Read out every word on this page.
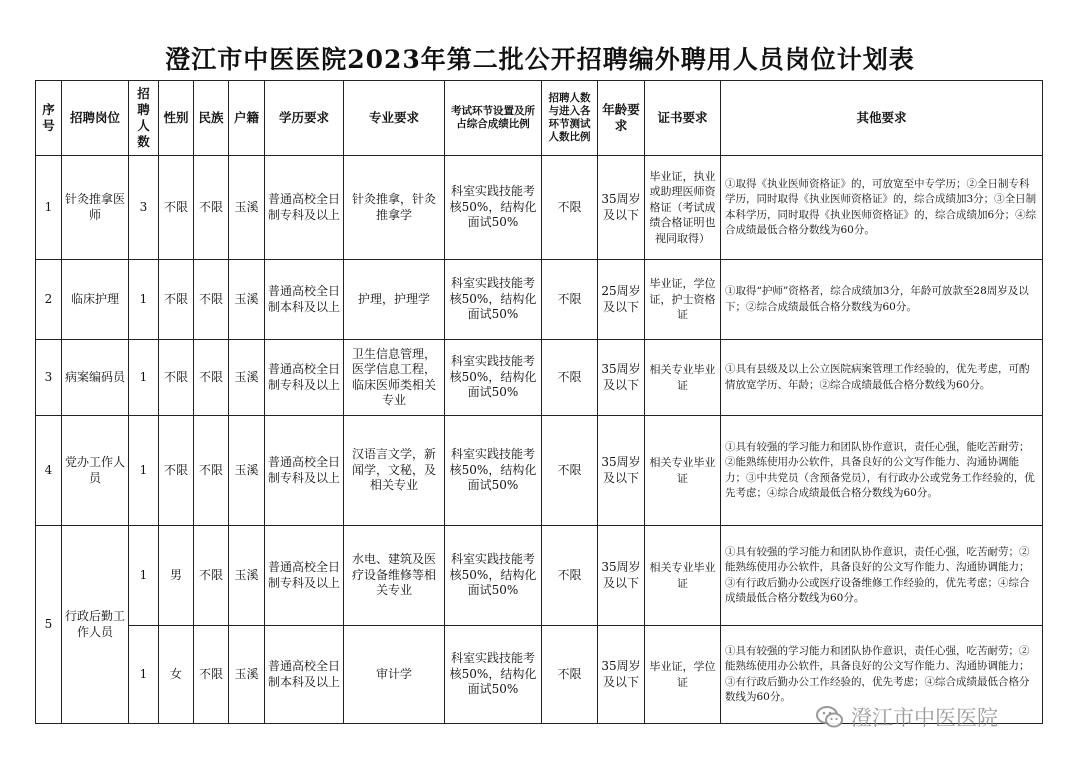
澄江市中医医院2023年第二批公开招聘编外聘用人员岗位计划表
序号	招聘岗位	招聘人数	性别	民族	户籍	学历要求	专业要求	考试环节设置及所占综合成绩比例	招聘人数与进入各环节测试人数比例	年龄要求	证书要求	其他要求
1	针灸推拿医师	3	不限	不限	玉溪	普通高校全日制专科及以上	针灸推拿，针灸推拿学	科室实践技能考核50%，结构化面试50%	不限	35周岁及以下	毕业证，执业或助理医师资格证（考试成绩合格证明也视同取得）	①取得《执业医师资格证》的，可放宽至中专学历；②全日制专科学历，同时取得《执业医师资格证》的，综合成绩加3分；③全日制本科学历，同时取得《执业医师资格证》的，综合成绩加6分；④综合成绩最低合格分数线为60分。
2	临床护理	1	不限	不限	玉溪	普通高校全日制本科及以上	护理，护理学	科室实践技能考核50%，结构化面试50%	不限	25周岁及以下	毕业证，学位证，护士资格证	①取得“护师”资格者，综合成绩加3分，年龄可放款至28周岁及以下；②综合成绩最低合格分数线为60分。
3	病案编码员	1	不限	不限	玉溪	普通高校全日制专科及以上	卫生信息管理，医学信息工程，临床医师类相关专业	科室实践技能考核50%，结构化面试50%	不限	35周岁及以下	相关专业毕业证	①具有县级及以上公立医院病案管理工作经验的，优先考虑，可酌情放宽学历、年龄；②综合成绩最低合格分数线为60分。
4	党办工作人员	1	不限	不限	玉溪	普通高校全日制专科及以上	汉语言文学，新闻学，文秘，及相关专业	科室实践技能考核50%，结构化面试50%	不限	35周岁及以下	相关专业毕业证	①具有较强的学习能力和团队协作意识，责任心强，能吃苦耐劳；②能熟练使用办公软件，具备良好的公文写作能力、沟通协调能力；③中共党员（含预备党员），有行政办公或党务工作经验的，优先考虑；④综合成绩最低合格分数线为60分。
5	行政后勤工作人员	1	男	不限	玉溪	普通高校全日制专科及以上	水电、建筑及医疗设备维修等相关专业	科室实践技能考核50%，结构化面试50%	不限	35周岁及以下	相关专业毕业证	①具有较强的学习能力和团队协作意识，责任心强，吃苦耐劳；②能熟练使用办公软件，具备良好的公文写作能力、沟通协调能力；③有行政后勤办公或医疗设备维修工作经验的，优先考虑；④综合成绩最低合格分数线为60分。
		1	女	不限	玉溪	普通高校全日制本科及以上	审计学	科室实践技能考核50%，结构化面试50%	不限	35周岁及以下	毕业证，学位证	①具有较强的学习能力和团队协作意识，责任心强，吃苦耐劳；②能熟练使用办公软件，具备良好的公文写作能力、沟通协调能力；③有行政后勤办公工作经验的，优先考虑；④综合成绩最低合格分数线为60分。
澄江市中医医院
